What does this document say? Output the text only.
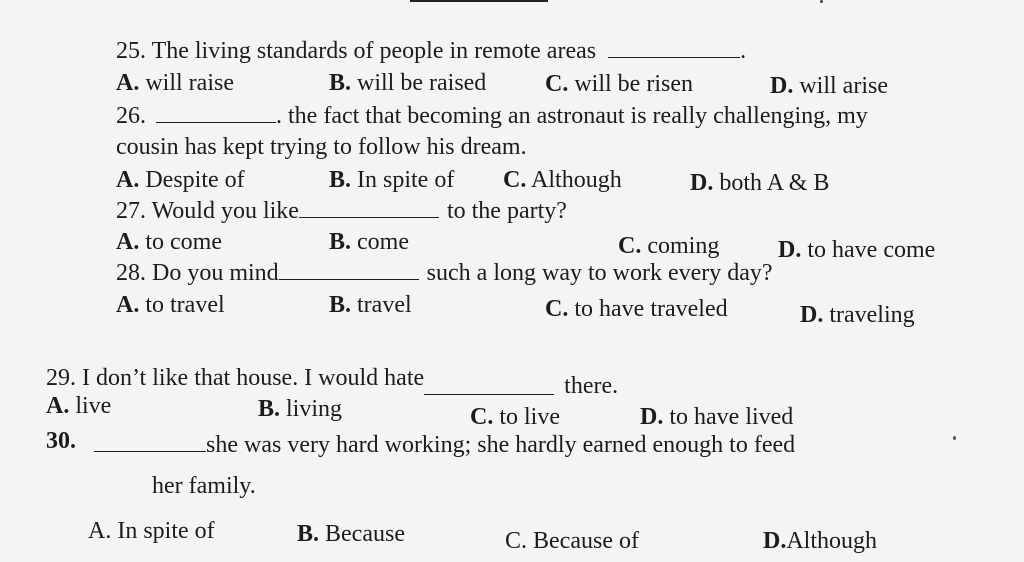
25. The living standards of people in remote areas	.
A. will raise	B. will be raised C. will be risen	D. will arise
26.	. the fact that becoming an astronaut is really challenging, my
cousin has kept trying to follow his dream.
A. Despite of	B. In spite of C. Although	D. both A & B
27. Would you like	to the party?
A. to come	B. come	C. coming D. to have come
28. Do you mind	such a long way to work every day?
A. to travel	B. travel	C. to have traveled	D. traveling
29. I don’t like that house. I would hate	there.
A. live	B. living	C. to live	D. to have lived
30.	she was very hard working; she hardly earned enough to feed
her family.
A. In spite of	B. Because	C. Because of	D.Although
